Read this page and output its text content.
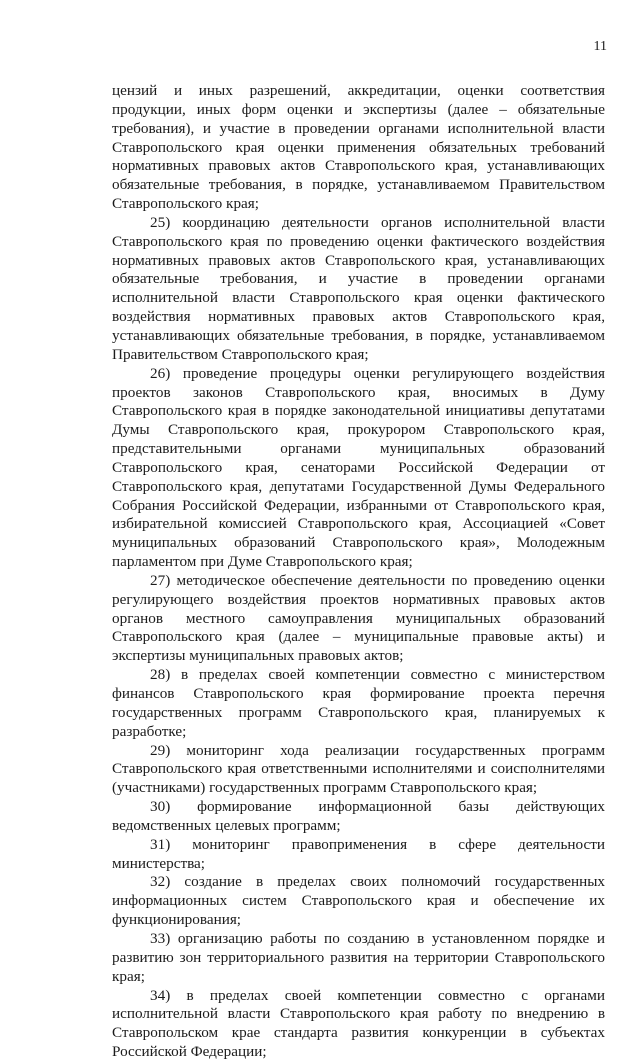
11

цензий и иных разрешений, аккредитации, оценки соответствия продукции, иных форм оценки и экспертизы (далее – обязательные требования), и участие в проведении органами исполнительной власти Ставропольского края оценки применения обязательных требований нормативных правовых актов Ставропольского края, устанавливающих обязательные требования, в порядке, устанавливаемом Правительством Ставропольского края;

25) координацию деятельности органов исполнительной власти Ставропольского края по проведению оценки фактического воздействия нормативных правовых актов Ставропольского края, устанавливающих обязательные требования, и участие в проведении органами исполнительной власти Ставропольского края оценки фактического воздействия нормативных правовых актов Ставропольского края, устанавливающих обязательные требования, в порядке, устанавливаемом Правительством Ставропольского края;

26) проведение процедуры оценки регулирующего воздействия проектов законов Ставропольского края, вносимых в Думу Ставропольского края в порядке законодательной инициативы депутатами Думы Ставропольского края, прокурором Ставропольского края, представительными органами муниципальных образований Ставропольского края, сенаторами Российской Федерации от Ставропольского края, депутатами Государственной Думы Федерального Собрания Российской Федерации, избранными от Ставропольского края, избирательной комиссией Ставропольского края, Ассоциацией «Совет муниципальных образований Ставропольского края», Молодежным парламентом при Думе Ставропольского края;

27) методическое обеспечение деятельности по проведению оценки регулирующего воздействия проектов нормативных правовых актов органов местного самоуправления муниципальных образований Ставропольского края (далее – муниципальные правовые акты) и экспертизы муниципальных правовых актов;

28) в пределах своей компетенции совместно с министерством финансов Ставропольского края формирование проекта перечня государственных программ Ставропольского края, планируемых к разработке;

29) мониторинг хода реализации государственных программ Ставропольского края ответственными исполнителями и соисполнителями (участниками) государственных программ Ставропольского края;

30) формирование информационной базы действующих ведомственных целевых программ;

31) мониторинг правоприменения в сфере деятельности министерства;

32) создание в пределах своих полномочий государственных информационных систем Ставропольского края и обеспечение их функционирования;

33) организацию работы по созданию в установленном порядке и развитию зон территориального развития на территории Ставропольского края;

34) в пределах своей компетенции совместно с органами исполнительной власти Ставропольского края работу по внедрению в Ставропольском крае стандарта развития конкуренции в субъектах Российской Федерации;
